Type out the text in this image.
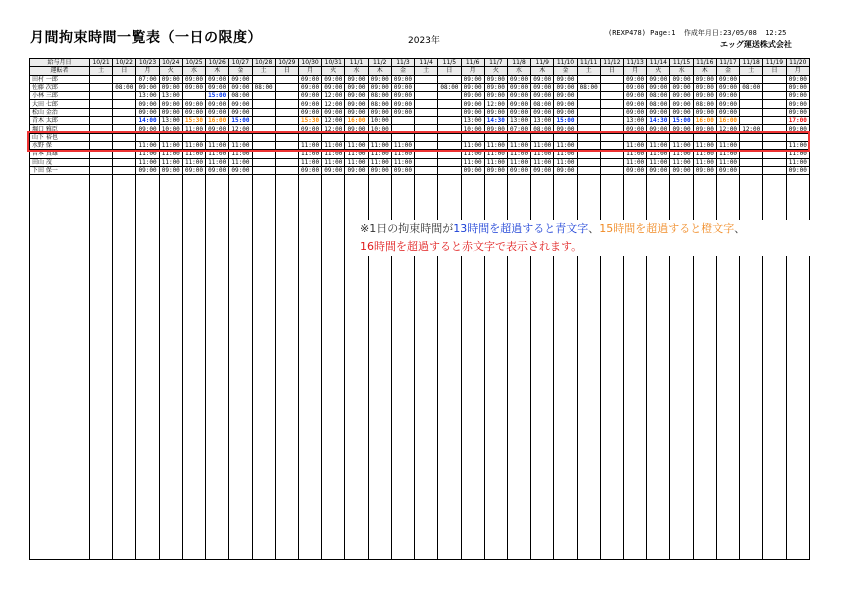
月間拘束時間一覧表（一日の限度）	2023年
(REXP478) Page:1  作成年月日:23/05/08  12:25
エッグ運送株式会社
給与月日	10/21	10/22	10/23	10/24	10/25	10/26	10/27	10/28	10/29	10/30	10/31	11/1	11/2	11/3	11/4	11/5	11/6	11/7	11/8	11/9	11/10	11/11	11/12	11/13	11/14	11/15	11/16	11/17	11/18	11/19	11/20
運転者	土	日	月	火	水	木	金	土	日	月	火	水	木	金	土	日	月	火	水	木	金	土	日	月	火	水	木	金	土	日	月
田村 一郎			07:00	09:00	09:00	09:00	09:00			09:00	09:00	09:00	09:00	09:00			09:00	09:00	09:00	09:00	09:00			09:00	09:00	09:00	09:00	09:00			09:00
佐藤 次郎		08:00	09:00	09:00	09:00	09:00	09:00	08:00		09:00	09:00	09:00	09:00	09:00		08:00	09:00	09:00	09:00	09:00	09:00	08:00		09:00	09:00	09:00	09:00	09:00	08:00		09:00
小林 三郎			13:00	13:00		15:00	08:00			09:00	12:00	09:00	08:00	09:00			09:00	09:00	09:00	09:00	09:00			09:00	08:00	09:00	09:00	09:00			09:00
大田 七郎			09:00	09:00	09:00	09:00	09:00			09:00	12:00	09:00	08:00	09:00			09:00	12:00	09:00	08:00	09:00			09:00	08:00	09:00	08:00	09:00			09:00
松山 金治			09:00	09:00	09:00	09:00	09:00			09:00	09:00	09:00	09:00	09:00			09:00	09:00	09:00	09:00	09:00			09:00	09:00	09:00	09:00	09:00			09:00
青木 太郎			14:00	13:00	15:30	16:00	15:00			15:30	12:00	16:00	10:00				13:00	14:30	13:00	13:00	15:00			13:00	14:30	15:00	16:00	16:00			17:00
堀口 雅臣			09:00	10:00	11:00	09:00	12:00			09:00	12:00	09:00	10:00				10:00	09:00	07:00	08:00	09:00			09:00	09:00	09:00	09:00	12:00	12:00		09:00
山下 裕也																															
水野 保			11:00	11:00	11:00	11:00	11:00			11:00	11:00	11:00	11:00	11:00			11:00	11:00	11:00	11:00	11:00			11:00	11:00	11:00	11:00	11:00			11:00
吉本 真雄			11:00	11:00	11:00	11:00	11:00			11:00	11:00	11:00	11:00	11:00			11:00	11:00	11:00	11:00	11:00			11:00	11:00	11:00	11:00	11:00			11:00
田山 茂			11:00	11:00	11:00	11:00	11:00			11:00	11:00	11:00	11:00	11:00			11:00	11:00	11:00	11:00	11:00			11:00	11:00	11:00	11:00	11:00			11:00
下田 保一			09:00	09:00	09:00	09:00	09:00			09:00	09:00	09:00	09:00	09:00			09:00	09:00	09:00	09:00	09:00			09:00	09:00	09:00	09:00	09:00			09:00

※1日の拘束時間が13時間を超過すると青文字、15時間を超過すると橙文字、
16時間を超過すると赤文字で表示されます。
